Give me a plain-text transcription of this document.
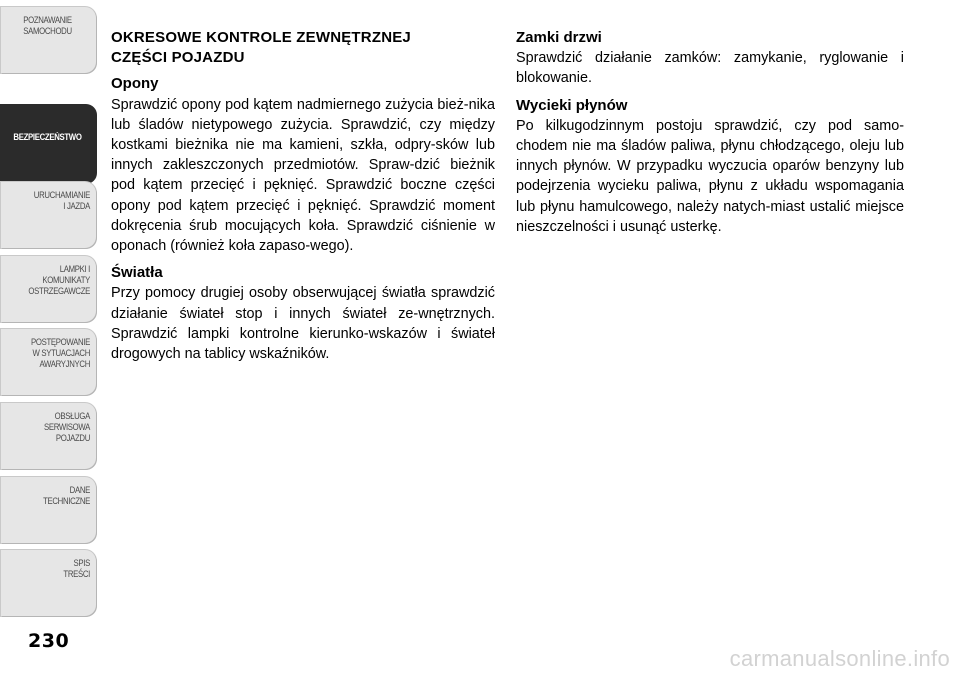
POZNAWANIE
SAMOCHODU
BEZPIECZEŃSTWO
URUCHAMIANIE
I JAZDA
LAMPKI I
KOMUNIKATY
OSTRZEGAWCZE
POSTĘPOWANIE
W SYTUACJACH
AWARYJNYCH
OBSŁUGA
SERWISOWA
POJAZDU
DANE
TECHNICZNE
SPIS
TREŚCI
230
OKRESOWE KONTROLE ZEWNĘTRZNEJ
CZĘŚCI POJAZDU
Opony

Sprawdzić opony pod kątem nadmiernego zużycia bież-nika lub śladów nietypowego zużycia. Sprawdzić, czy między kostkami bieżnika nie ma kamieni, szkła, odpry-sków lub innych zakleszczonych przedmiotów. Spraw-dzić bieżnik pod kątem przecięć i pęknięć. Sprawdzić boczne części opony pod kątem przecięć i pęknięć. Sprawdzić moment dokręcenia śrub mocujących koła. Sprawdzić ciśnienie w oponach (również koła zapaso-wego).

Światła

Przy pomocy drugiej osoby obserwującej światła sprawdzić działanie świateł stop i innych świateł ze-wnętrznych. Sprawdzić lampki kontrolne kierunko-wskazów i świateł drogowych na tablicy wskaźników.

Zamki drzwi

Sprawdzić działanie zamków: zamykanie, ryglowanie i blokowanie.

Wycieki płynów

Po kilkugodzinnym postoju sprawdzić, czy pod samo-chodem nie ma śladów paliwa, płynu chłodzącego, oleju lub innych płynów. W przypadku wyczucia oparów benzyny lub podejrzenia wycieku paliwa, płynu z układu wspomagania lub płynu hamulcowego, należy natych-miast ustalić miejsce nieszczelności i usunąć usterkę.

carmanualsonline.info
